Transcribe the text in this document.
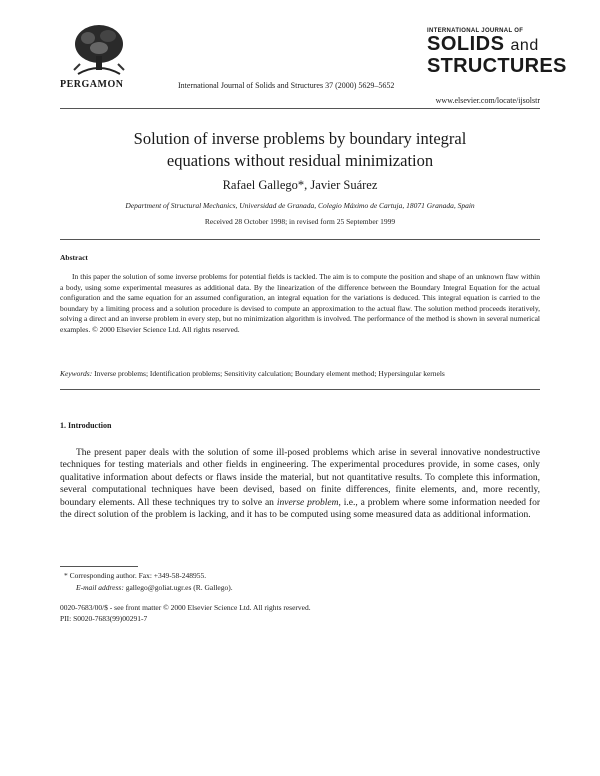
PERGAMON	International Journal of Solids and Structures 37 (2000) 5629–5652
INTERNATIONAL JOURNAL OF
SOLIDS and
STRUCTURES
www.elsevier.com/locate/ijsolstr
Solution of inverse problems by boundary integral
equations without residual minimization
Rafael Gallego*, Javier Suárez
Department of Structural Mechanics, Universidad de Granada, Colegio Máximo de Cartuja, 18071 Granada, Spain
Received 28 October 1998; in revised form 25 September 1999
Abstract
In this paper the solution of some inverse problems for potential fields is tackled. The aim is to compute the position and shape of an unknown flaw within a body, using some experimental measures as additional data. By the linearization of the difference between the Boundary Integral Equation for the actual configuration and the same equation for an assumed configuration, an integral equation for the variations is deduced. This integral equation is carried to the boundary by a limiting process and a solution procedure is devised to compute an approximation to the actual flaw. The solution method proceeds iteratively, solving a direct and an inverse problem in every step, but no minimization algorithm is involved. The performance of the method is shown in several numerical examples. © 2000 Elsevier Science Ltd. All rights reserved.
Keywords: Inverse problems; Identification problems; Sensitivity calculation; Boundary element method; Hypersingular kernels
1. Introduction
The present paper deals with the solution of some ill-posed problems which arise in several innovative nondestructive techniques for testing materials and other fields in engineering. The experimental procedures provide, in some cases, only qualitative information about defects or flaws inside the material, but not quantitative results. To complete this information, several computational techniques have been devised, based on finite differences, finite elements, and, more recently, boundary elements. All these techniques try to solve an inverse problem, i.e., a problem where some information needed for the direct solution of the problem is lacking, and it has to be computed using some measured data as additional information.
* Corresponding author. Fax: +349-58-248955.
E-mail address: gallego@goliat.ugr.es (R. Gallego).
0020-7683/00/$ - see front matter © 2000 Elsevier Science Ltd. All rights reserved.
PII: S0020-7683(99)00291-7
